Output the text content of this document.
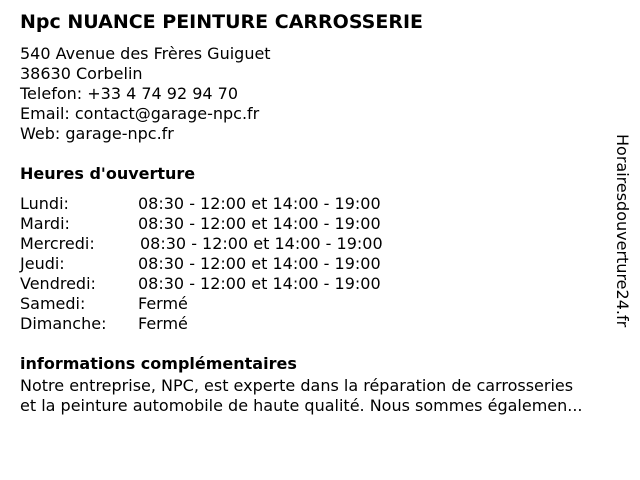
Npc NUANCE PEINTURE CARROSSERIE
540 Avenue des Frères Guiguet
38630 Corbelin
Telefon: +33 4 74 92 94 70
Email: contact@garage-npc.fr
Web: garage-npc.fr
Heures d'ouverture
Lundi:	08:30 - 12:00 et 14:00 - 19:00
Mardi:	08:30 - 12:00 et 14:00 - 19:00
Mercredi:	08:30 - 12:00 et 14:00 - 19:00
Jeudi:	08:30 - 12:00 et 14:00 - 19:00
Vendredi:	08:30 - 12:00 et 14:00 - 19:00
Samedi:	Fermé
Dimanche: Fermé
informations complémentaires
Notre entreprise, NPC, est experte dans la réparation de carrosseries
et la peinture automobile de haute qualité. Nous sommes égalemen...
Horairesdouverture24.fr
